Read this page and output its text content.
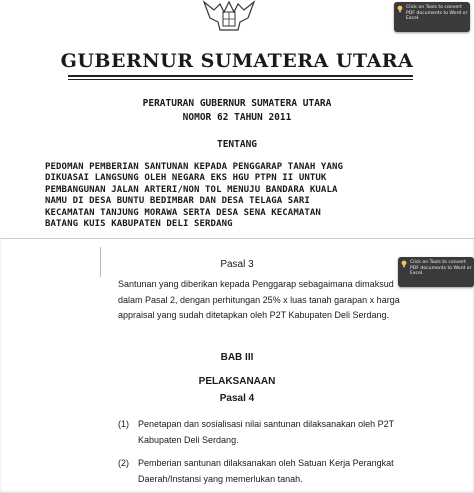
GUBERNUR SUMATERA UTARA
PERATURAN GUBERNUR SUMATERA UTARA
NOMOR 62 TAHUN 2011
TENTANG

PEDOMAN PEMBERIAN SANTUNAN KEPADA PENGGARAP TANAH YANG
DIKUASAI LANGSUNG OLEH NEGARA EKS HGU PTPN II UNTUK
PEMBANGUNAN JALAN ARTERI/NON TOL MENUJU BANDARA KUALA
NAMU DI DESA BUNTU BEDIMBAR DAN DESA TELAGA SARI
KECAMATAN TANJUNG MORAWA SERTA DESA SENA KECAMATAN
BATANG KUIS KABUPATEN DELI SERDANG

Click on Tools to convert
PDF documents to Word or
Excel.
Pasal 3

Santunan yang diberikan kepada Penggarap sebagaimana dimaksud
dalam Pasal 2, dengan perhitungan 25% x luas tanah garapan x harga
appraisal yang sudah ditetapkan oleh P2T Kabupaten Deli Serdang.

BAB III
PELAKSANAAN
Pasal 4
(1) Penetapan dan sosialisasi nilai santunan dilaksanakan oleh P2T
Kabupaten Deli Serdang.
(2) Pemberian santunan dilaksanakan oleh Satuan Kerja Perangkat
Daerah/Instansi yang memerlukan tanah.
Click on Tools to convert
PDF documents to Word or
Excel.
